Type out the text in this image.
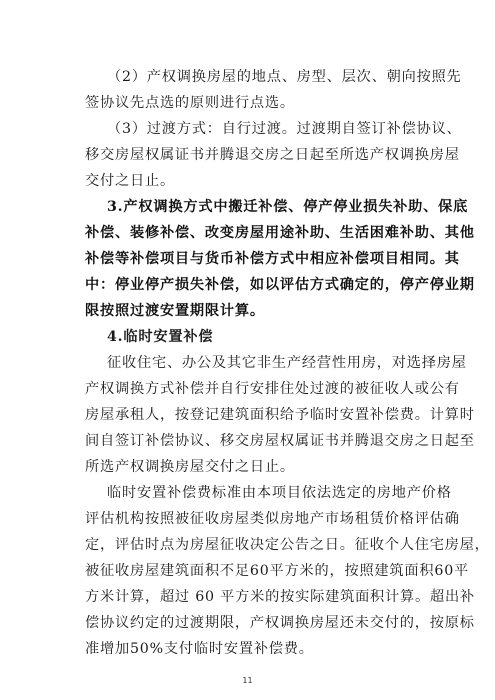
（2）产权调换房屋的地点、房型、层次、朝向按照先
签协议先点选的原则进行点选。
（3）过渡方式：自行过渡。过渡期自签订补偿协议、
移交房屋权属证书并腾退交房之日起至所选产权调换房屋
交付之日止。
3.产权调换方式中搬迁补偿、停产停业损失补助、保底
补偿、装修补偿、改变房屋用途补助、生活困难补助、其他
补偿等补偿项目与货币补偿方式中相应补偿项目相同。其
中：停业停产损失补偿，如以评估方式确定的，停产停业期
限按照过渡安置期限计算。
4.临时安置补偿
征收住宅、办公及其它非生产经营性用房，对选择房屋
产权调换方式补偿并自行安排住处过渡的被征收人或公有
房屋承租人，按登记建筑面积给予临时安置补偿费。计算时
间自签订补偿协议、移交房屋权属证书并腾退交房之日起至
所选产权调换房屋交付之日止。
临时安置补偿费标准由本项目依法选定的房地产价格
评估机构按照被征收房屋类似房地产市场租赁价格评估确
定，评估时点为房屋征收决定公告之日。征收个人住宅房屋，
被征收房屋建筑面积不足60平方米的，按照建筑面积60平
方米计算，超过 60 平方米的按实际建筑面积计算。超出补
偿协议约定的过渡期限，产权调换房屋还未交付的，按原标
准增加50%支付临时安置补偿费。
11
